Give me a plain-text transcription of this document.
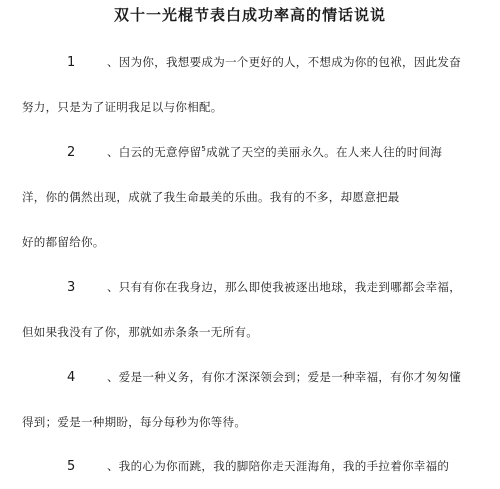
双十一光棍节表白成功率高的情话说说
1	、因为你，我想要成为一个更好的人，不想成为你的包袱，因此发奋
努力，只是为了证明我足以与你相配。
2	、白云的无意停留$^5$成就了天空的美丽永久。在人来人往的时间海
洋，你的偶然出现，成就了我生命最美的乐曲。我有的不多，却愿意把最
好的都留给你。
3	、只有有你在我身边，那么即使我被逐出地球，我走到哪都会幸福，
但如果我没有了你，那就如赤条条一无所有。
4	、爱是一种义务，有你才深深领会到；爱是一种幸福，有你才匆匆懂
得到；爱是一种期盼，每分每秒为你等待。
5	、我的心为你而跳，我的脚陪你走天涯海角，我的手拉着你幸福的
